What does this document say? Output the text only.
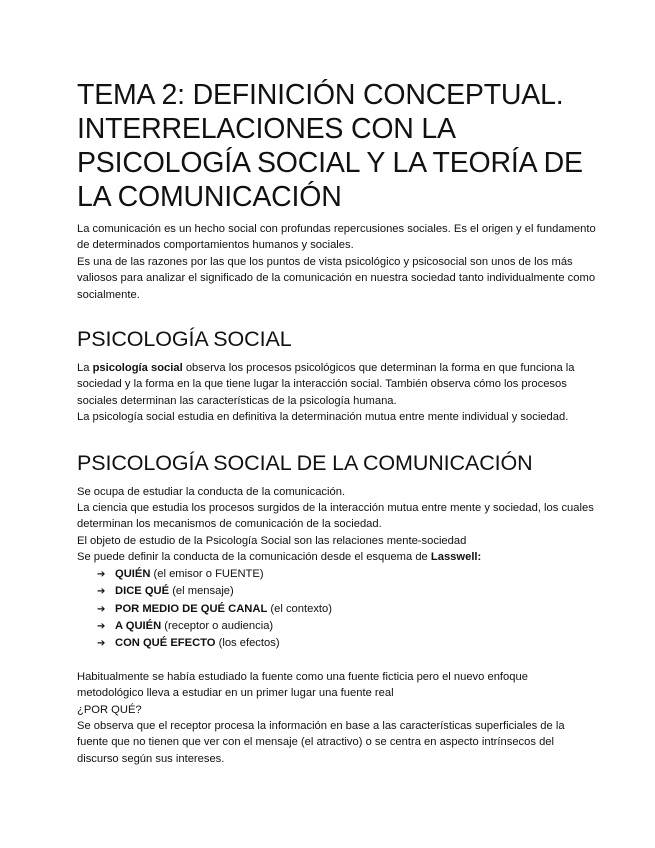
TEMA 2: DEFINICIÓN CONCEPTUAL. INTERRELACIONES CON LA PSICOLOGÍA SOCIAL Y LA TEORÍA DE LA COMUNICACIÓN

La comunicación es un hecho social con profundas repercusiones sociales. Es el origen y el fundamento de determinados comportamientos humanos y sociales.

Es una de las razones por las que los puntos de vista psicológico y psicosocial son unos de los más valiosos para analizar el significado de la comunicación en nuestra sociedad tanto individualmente como socialmente.

PSICOLOGÍA SOCIAL

La psicología social observa los procesos psicológicos que determinan la forma en que funciona la sociedad y la forma en la que tiene lugar la interacción social. También observa cómo los procesos sociales determinan las características de la psicología humana.

La psicología social estudia en definitiva la determinación mutua entre mente individual y sociedad.

PSICOLOGÍA SOCIAL DE LA COMUNICACIÓN

Se ocupa de estudiar la conducta de la comunicación.

La ciencia que estudia los procesos surgidos de la interacción mutua entre mente y sociedad, los cuales determinan los mecanismos de comunicación de la sociedad.

El objeto de estudio de la Psicología Social son las relaciones mente-sociedad

Se puede definir la conducta de la comunicación desde el esquema de Lasswell:

➔ QUIÉN (el emisor o FUENTE)
➔ DICE QUÉ (el mensaje)
➔ POR MEDIO DE QUÉ CANAL (el contexto)
➔ A QUIÉN (receptor o audiencia)
➔ CON QUÉ EFECTO (los efectos)

Habitualmente se había estudiado la fuente como una fuente ficticia pero el nuevo enfoque metodológico lleva a estudiar en un primer lugar una fuente real

¿POR QUÉ?

Se observa que el receptor procesa la información en base a las características superficiales de la fuente que no tienen que ver con el mensaje (el atractivo) o se centra en aspecto intrínsecos del discurso según sus intereses.
